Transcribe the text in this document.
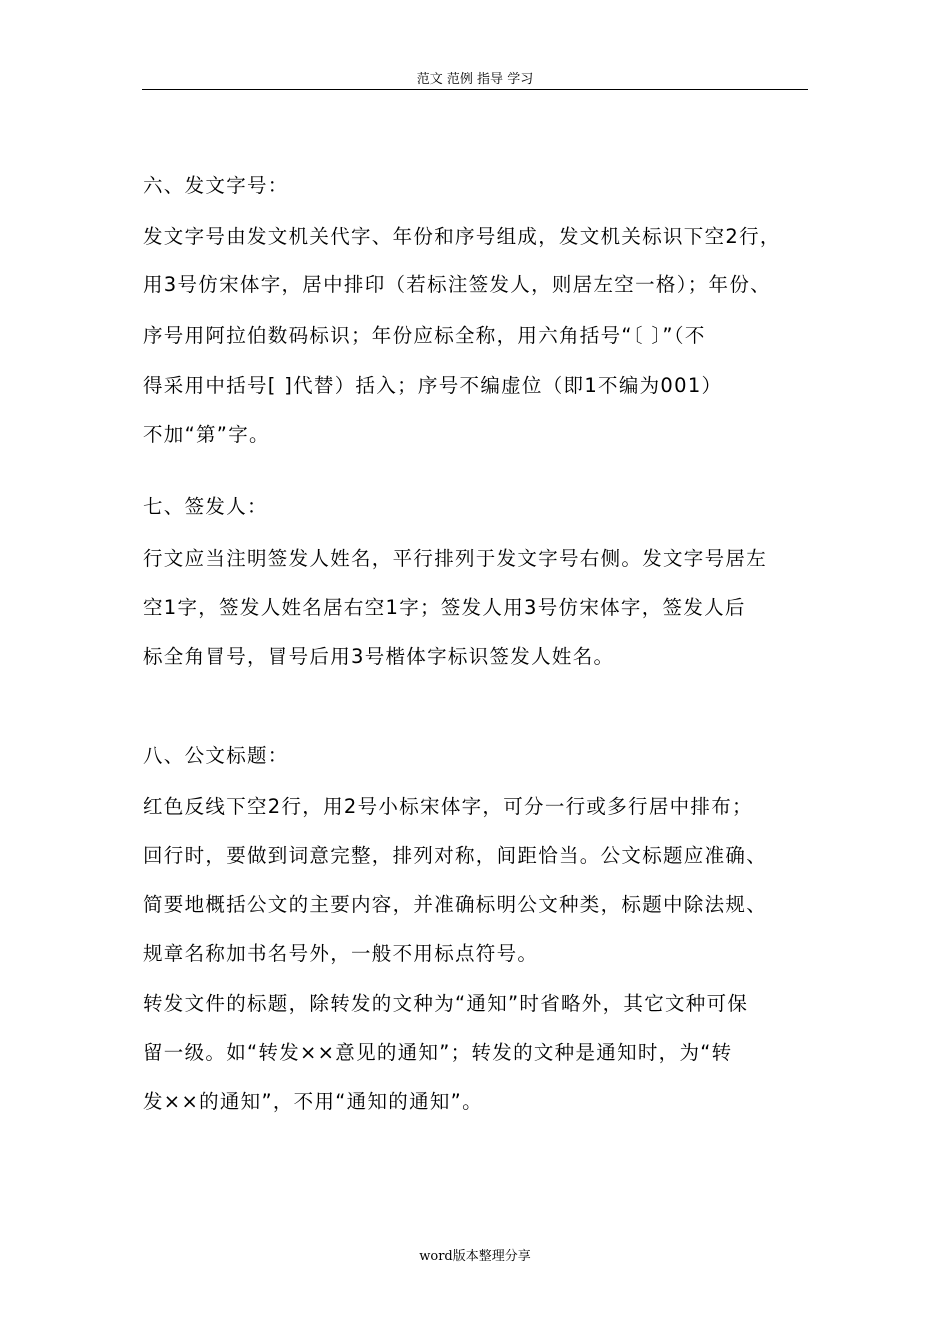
范文 范例 指导 学习
六、发文字号：
发文字号由发文机关代字、年份和序号组成，发文机关标识下空2行，
用3号仿宋体字，居中排印（若标注签发人，则居左空一格）；年份、
序号用阿拉伯数码标识；年份应标全称，用六角括号“〔 〕”（不
得采用中括号[ ]代替）括入；序号不编虚位（即1不编为001）
不加“第”字。
七、签发人：
行文应当注明签发人姓名，平行排列于发文字号右侧。发文字号居左
空1字，签发人姓名居右空1字；签发人用3号仿宋体字，签发人后
标全角冒号，冒号后用3号楷体字标识签发人姓名。
八、公文标题：
红色反线下空2行，用2号小标宋体字，可分一行或多行居中排布；
回行时，要做到词意完整，排列对称，间距恰当。公文标题应准确、
简要地概括公文的主要内容，并准确标明公文种类，标题中除法规、
规章名称加书名号外，一般不用标点符号。
转发文件的标题，除转发的文种为“通知”时省略外，其它文种可保
留一级。如“转发××意见的通知”；转发的文种是通知时，为“转
发××的通知”，不用“通知的通知”。
word版本整理分享
